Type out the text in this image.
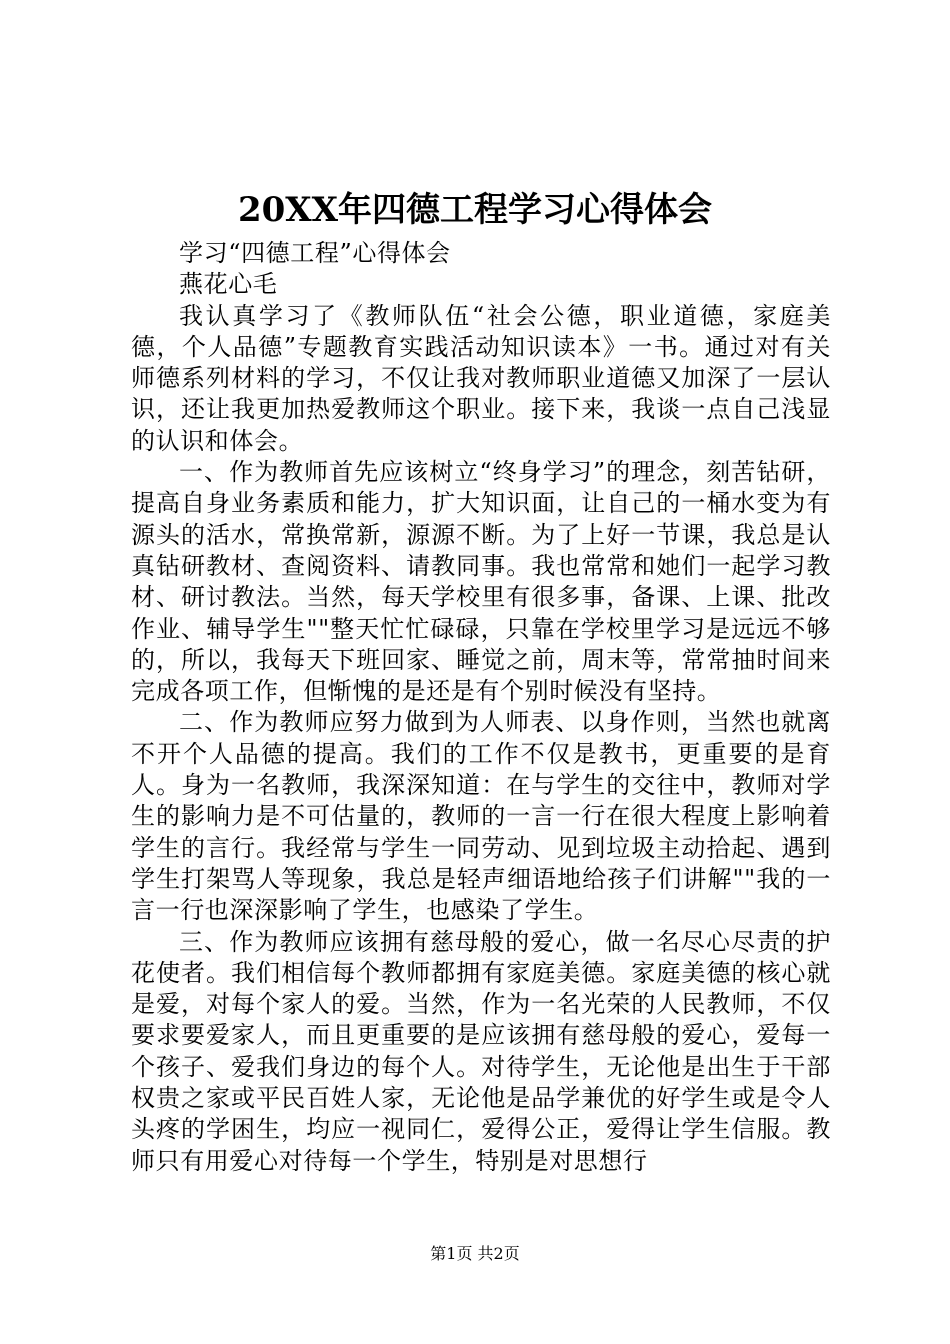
20XX年四德工程学习心得体会

学习“四德工程”心得体会

燕花心毛

我认真学习了《教师队伍“社会公德，职业道德，家庭美德，个人品德”专题教育实践活动知识读本》一书。通过对有关师德系列材料的学习，不仅让我对教师职业道德又加深了一层认识，还让我更加热爱教师这个职业。接下来，我谈一点自己浅显的认识和体会。

一、作为教师首先应该树立“终身学习”的理念，刻苦钻研，提高自身业务素质和能力，扩大知识面，让自己的一桶水变为有源头的活水，常换常新，源源不断。为了上好一节课，我总是认真钻研教材、查阅资料、请教同事。我也常常和她们一起学习教材、研讨教法。当然，每天学校里有很多事，备课、上课、批改作业、辅导学生""整天忙忙碌碌，只靠在学校里学习是远远不够的，所以，我每天下班回家、睡觉之前，周末等，常常抽时间来完成各项工作，但惭愧的是还是有个别时候没有坚持。

二、作为教师应努力做到为人师表、以身作则，当然也就离不开个人品德的提高。我们的工作不仅是教书，更重要的是育人。身为一名教师，我深深知道：在与学生的交往中，教师对学生的影响力是不可估量的，教师的一言一行在很大程度上影响着学生的言行。我经常与学生一同劳动、见到垃圾主动拾起、遇到学生打架骂人等现象，我总是轻声细语地给孩子们讲解""我的一言一行也深深影响了学生，也感染了学生。

三、作为教师应该拥有慈母般的爱心，做一名尽心尽责的护花使者。我们相信每个教师都拥有家庭美德。家庭美德的核心就是爱，对每个家人的爱。当然，作为一名光荣的人民教师，不仅要求要爱家人，而且更重要的是应该拥有慈母般的爱心，爱每一个孩子、爱我们身边的每个人。对待学生，无论他是出生于干部权贵之家或平民百姓人家，无论他是品学兼优的好学生或是令人头疼的学困生，均应一视同仁，爱得公正，爱得让学生信服。教师只有用爱心对待每一个学生，特别是对思想行

第1页 共2页
